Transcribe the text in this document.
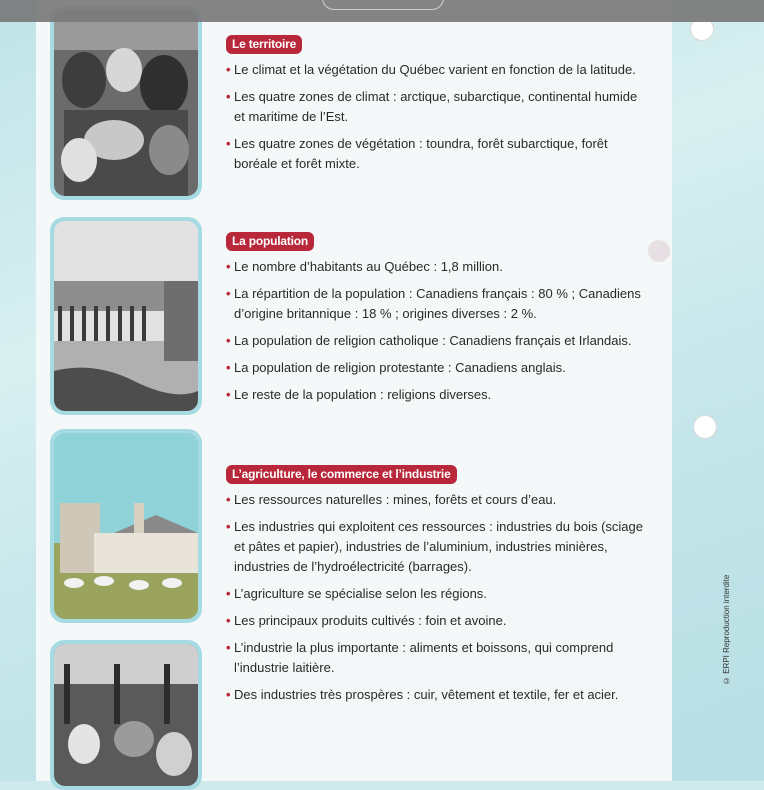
Le territoire
• Le climat et la végétation du Québec varient en fonction de la latitude.
• Les quatre zones de climat : arctique, subarctique, continental humide et maritime de l’Est.
• Les quatre zones de végétation : toundra, forêt subarctique, forêt boréale et forêt mixte.
La population
• Le nombre d’habitants au Québec : 1,8 million.
• La répartition de la population : Canadiens français : 80 % ; Canadiens d’origine britannique : 18 % ; origines diverses : 2 %.
• La population de religion catholique : Canadiens français et Irlandais.
• La population de religion protestante : Canadiens anglais.
• Le reste de la population : religions diverses.
L’agriculture, le commerce et l’industrie
• Les ressources naturelles : mines, forêts et cours d’eau.
• Les industries qui exploitent ces ressources : industries du bois (sciage et pâtes et papier), industries de l’aluminium, industries minières, industries de l’hydroélectricité (barrages).
• L’agriculture se spécialise selon les régions.
• Les principaux produits cultivés : foin et avoine.
• L’industrie la plus importante : aliments et boissons, qui comprend l’industrie laitière.
• Des industries très prospères : cuir, vêtement et textile, fer et acier.
© ERPI Reproduction interdite
